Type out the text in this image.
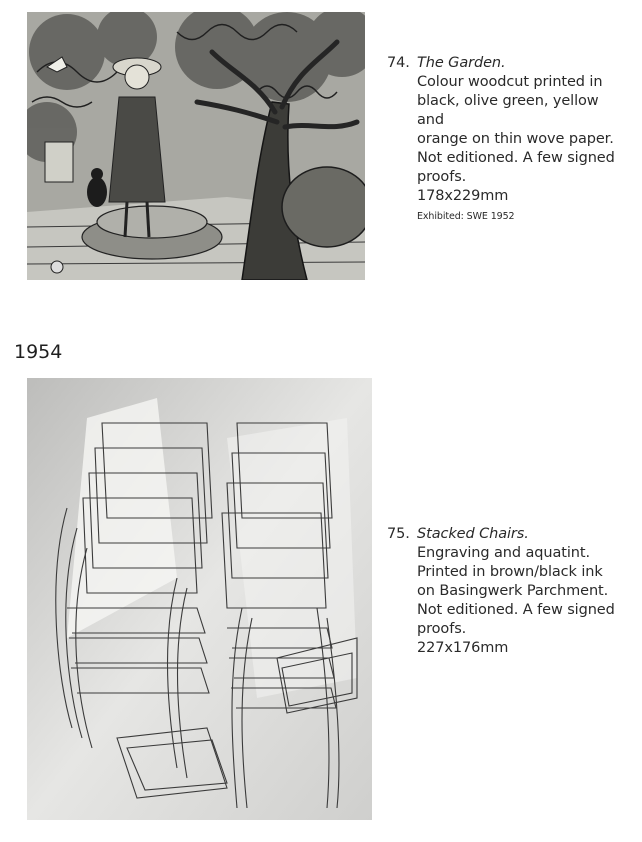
74. The Garden.
Colour woodcut printed in
black, olive green, yellow and
orange on thin wove paper.
Not editioned. A few signed
proofs.
178x229mm
Exhibited: SWE 1952
1954
75. Stacked Chairs.
Engraving and aquatint.
Printed in brown/black ink
on Basingwerk Parchment.
Not editioned. A few signed
proofs.
227x176mm
